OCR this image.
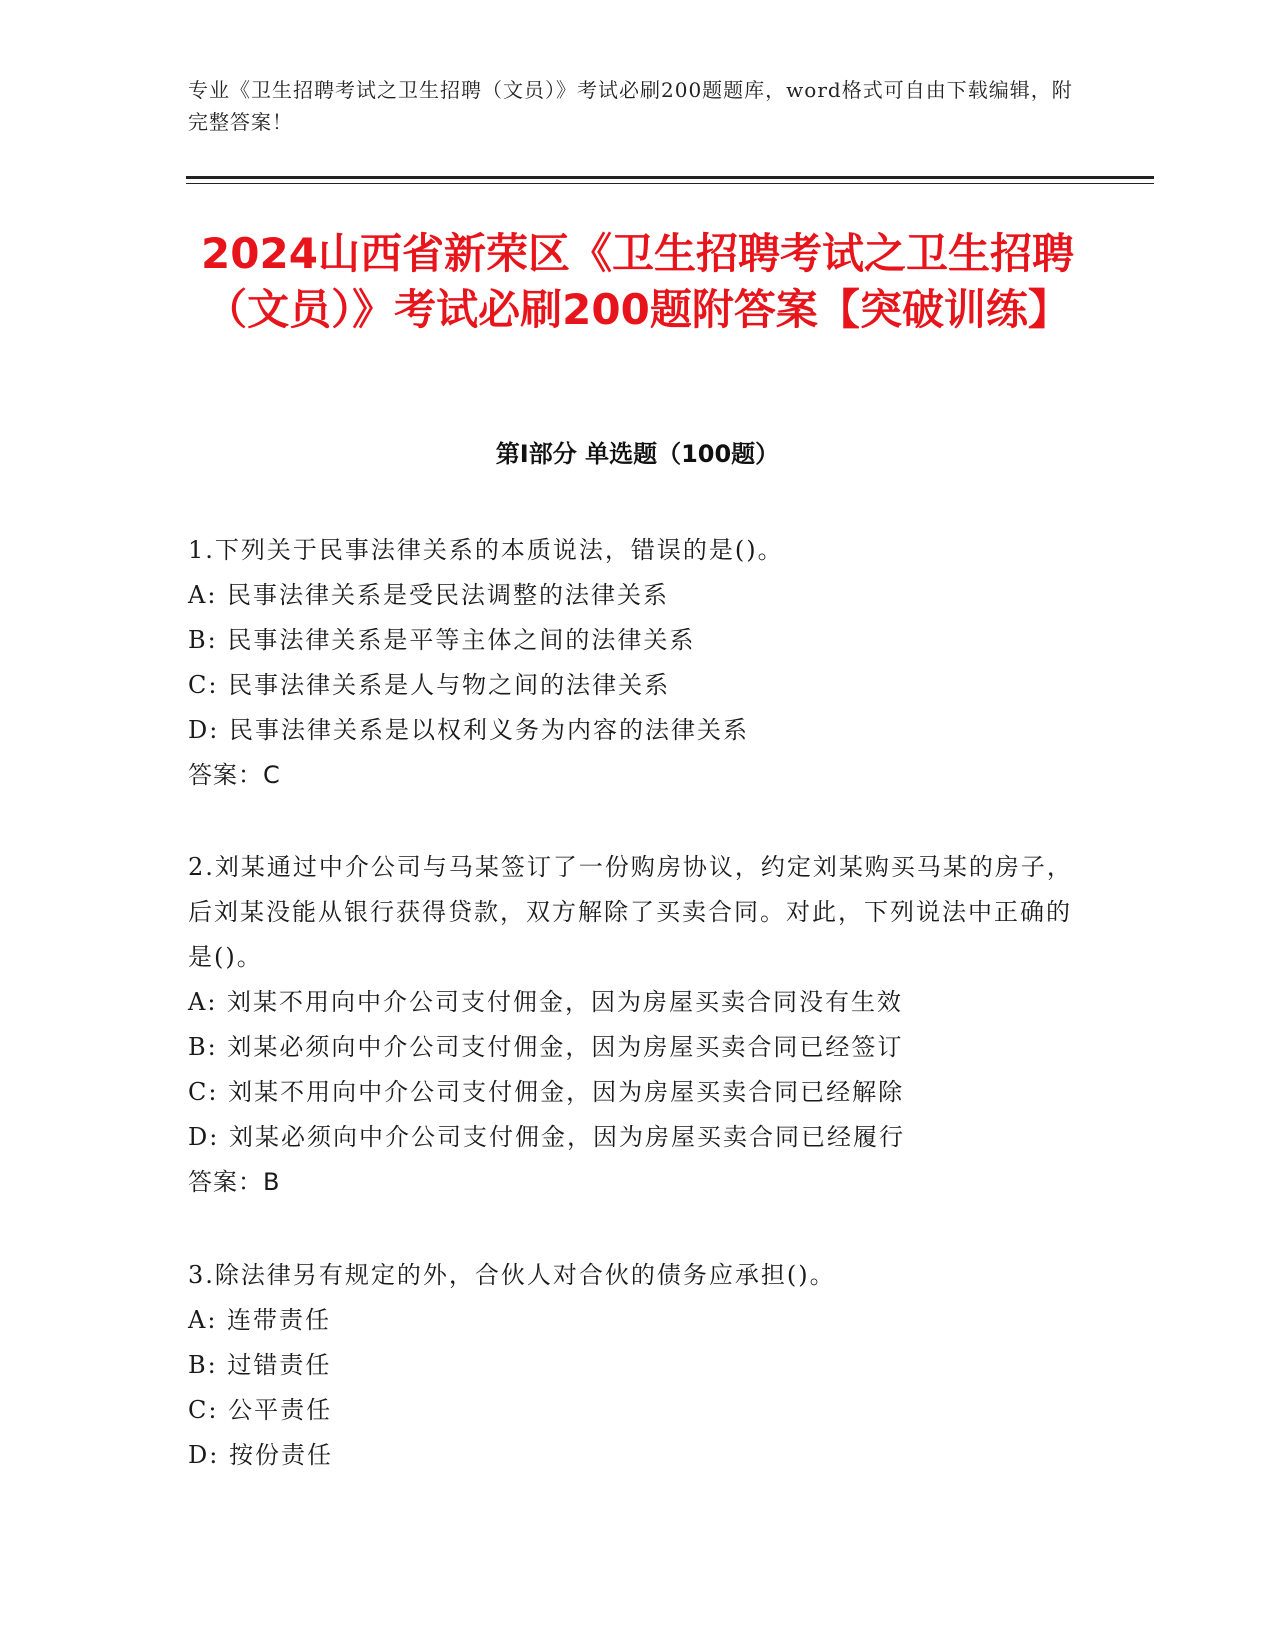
专业《卫生招聘考试之卫生招聘（文员）》考试必刷200题题库，word格式可自由下载编辑，附完整答案！
2024山西省新荣区《卫生招聘考试之卫生招聘（文员）》考试必刷200题附答案【突破训练】
第Ⅰ部分 单选题（100题）
1.下列关于民事法律关系的本质说法，错误的是()。
A: 民事法律关系是受民法调整的法律关系
B: 民事法律关系是平等主体之间的法律关系
C: 民事法律关系是人与物之间的法律关系
D: 民事法律关系是以权利义务为内容的法律关系
答案：C
2.刘某通过中介公司与马某签订了一份购房协议，约定刘某购买马某的房子，后刘某没能从银行获得贷款，双方解除了买卖合同。对此，下列说法中正确的是()。
A: 刘某不用向中介公司支付佣金，因为房屋买卖合同没有生效
B: 刘某必须向中介公司支付佣金，因为房屋买卖合同已经签订
C: 刘某不用向中介公司支付佣金，因为房屋买卖合同已经解除
D: 刘某必须向中介公司支付佣金，因为房屋买卖合同已经履行
答案：B
3.除法律另有规定的外，合伙人对合伙的债务应承担()。
A: 连带责任
B: 过错责任
C: 公平责任
D: 按份责任
